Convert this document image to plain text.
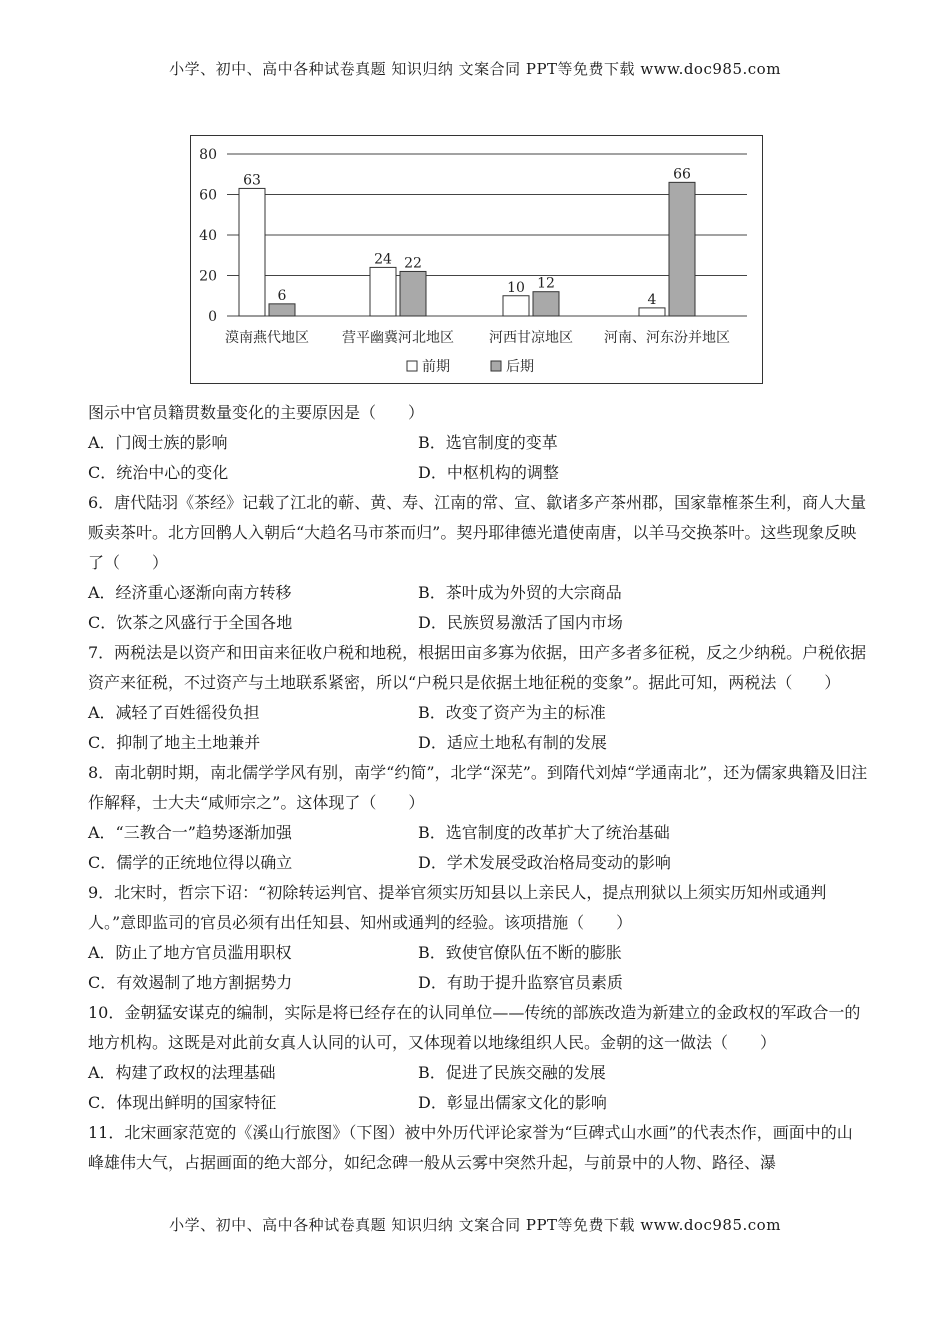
小学、初中、高中各种试卷真题 知识归纳 文案合同 PPT等免费下载 www.doc985.com
0
20
40
60
80
63
6
漠南燕代地区
24 22
营平幽冀河北地区
10 12
河西甘凉地区
4
66
河南、河东汾并地区
前期	后期
图示中官员籍贯数量变化的主要原因是（　　）
A．门阀士族的影响	B．选官制度的变革
C．统治中心的变化	D．中枢机构的调整
6．唐代陆羽《茶经》记载了江北的蕲、黄、寿、江南的常、宣、歙诸多产茶州郡，国家靠榷茶生利，商人大量贩卖茶叶。北方回鹘人入朝后“大趋名马市茶而归”。契丹耶律德光遣使南唐，以羊马交换茶叶。这些现象反映了（　　）
A．经济重心逐渐向南方转移	B．茶叶成为外贸的大宗商品
C．饮茶之风盛行于全国各地	D．民族贸易激活了国内市场
7．两税法是以资产和田亩来征收户税和地税，根据田亩多寡为依据，田产多者多征税，反之少纳税。户税依据资产来征税，不过资产与土地联系紧密，所以“户税只是依据土地征税的变象”。据此可知，两税法（　　）
A．减轻了百姓徭役负担	B．改变了资产为主的标准
C．抑制了地主土地兼并	D．适应土地私有制的发展
8．南北朝时期，南北儒学学风有别，南学“约简”，北学“深芜”。到隋代刘焯“学通南北”，还为儒家典籍及旧注作解释，士大夫“咸师宗之”。这体现了（　　）
A．“三教合一”趋势逐渐加强	B．选官制度的改革扩大了统治基础
C．儒学的正统地位得以确立	D．学术发展受政治格局变动的影响
9．北宋时，哲宗下诏：“初除转运判官、提举官须实历知县以上亲民人，提点刑狱以上须实历知州或通判人。”意即监司的官员必须有出任知县、知州或通判的经验。该项措施（　　）
A．防止了地方官员滥用职权	B．致使官僚队伍不断的膨胀
C．有效遏制了地方割据势力	D．有助于提升监察官员素质
10．金朝猛安谋克的编制，实际是将已经存在的认同单位——传统的部族改造为新建立的金政权的军政合一的地方机构。这既是对此前女真人认同的认可，又体现着以地缘组织人民。金朝的这一做法（　　）
A．构建了政权的法理基础	B．促进了民族交融的发展
C．体现出鲜明的国家特征	D．彰显出儒家文化的影响
11．北宋画家范宽的《溪山行旅图》（下图）被中外历代评论家誉为“巨碑式山水画”的代表杰作，画面中的山峰雄伟大气，占据画面的绝大部分，如纪念碑一般从云雾中突然升起，与前景中的人物、路径、瀑
小学、初中、高中各种试卷真题 知识归纳 文案合同 PPT等免费下载 www.doc985.com
